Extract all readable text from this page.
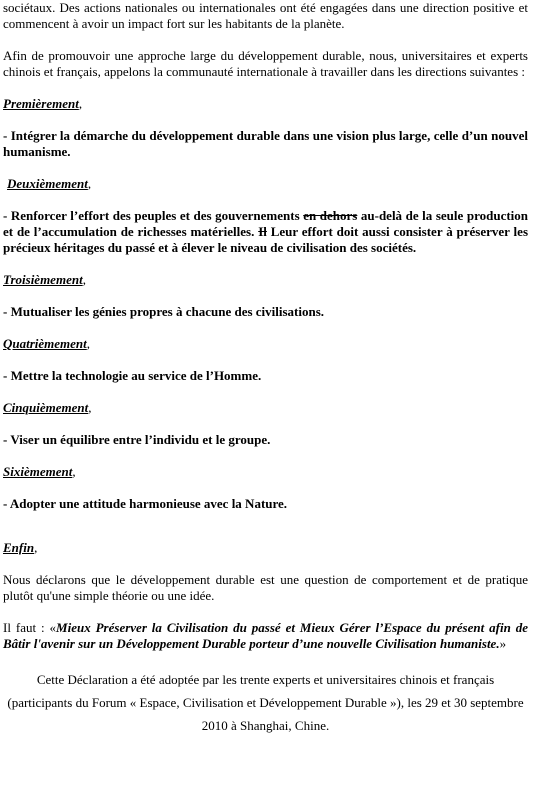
sociétaux. Des actions nationales ou internationales ont été engagées dans une direction positive et commencent à avoir un impact fort sur les habitants de la planète.

Afin de promouvoir une approche large du développement durable, nous, universitaires et experts chinois et français, appelons la communauté internationale à travailler dans les directions suivantes :

Premièrement,

- Intégrer la démarche du développement durable dans une vision plus large, celle d’un nouvel humanisme.

Deuxièmement,

- Renforcer l’effort des peuples et des gouvernements en dehors au-delà de la seule production et de l’accumulation de richesses matérielles. Il Leur effort doit aussi consister à préserver les précieux héritages du passé et à élever le niveau de civilisation des sociétés.

Troisièmement,

- Mutualiser les génies propres à chacune des civilisations.

Quatrièmement,

- Mettre la technologie au service de l’Homme.

Cinquièmement,

- Viser un équilibre entre l’individu et le groupe.

Sixièmement,

- Adopter une attitude harmonieuse avec la Nature.

Enfin,

Nous déclarons que le développement durable est une question de comportement et de pratique plutôt qu'une simple théorie ou une idée.

Il faut : «Mieux Préserver la Civilisation du passé et Mieux Gérer l’Espace du présent afin de Bâtir l'avenir sur un Développement Durable porteur d’une nouvelle Civilisation humaniste.»

Cette Déclaration a été adoptée par les trente experts et universitaires chinois et français (participants du Forum « Espace, Civilisation et Développement Durable »), les 29 et 30 septembre 2010 à Shanghai, Chine.
